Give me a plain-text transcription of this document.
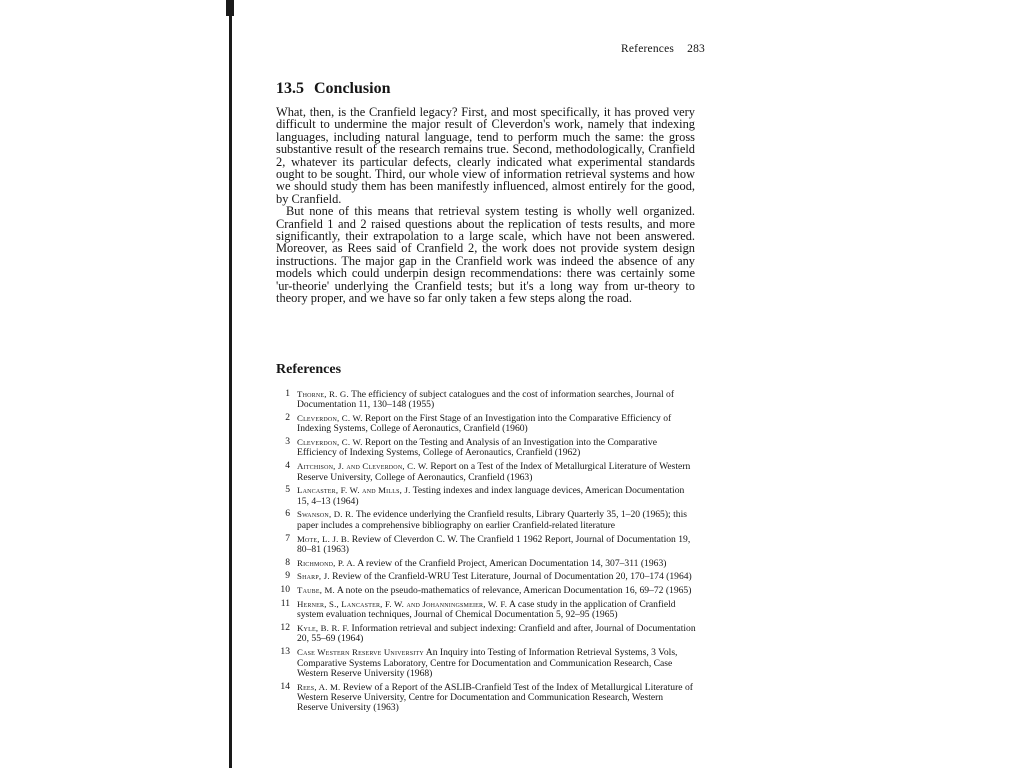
References 283
13.5 Conclusion

What, then, is the Cranfield legacy? First, and most specifically, it has proved very difficult to undermine the major result of Cleverdon's work, namely that indexing languages, including natural language, tend to perform much the same: the gross substantive result of the research remains true. Second, methodologically, Cranfield 2, whatever its particular defects, clearly indicated what experimental standards ought to be sought. Third, our whole view of information retrieval systems and how we should study them has been manifestly influenced, almost entirely for the good, by Cranfield.

But none of this means that retrieval system testing is wholly well organized. Cranfield 1 and 2 raised questions about the replication of tests results, and more significantly, their extrapolation to a large scale, which have not been answered. Moreover, as Rees said of Cranfield 2, the work does not provide system design instructions. The major gap in the Cranfield work was indeed the absence of any models which could underpin design recommendations: there was certainly some 'ur-theorie' underlying the Cranfield tests; but it's a long way from ur-theory to theory proper, and we have so far only taken a few steps along the road.

References
1 Thorne, R. G. The efficiency of subject catalogues and the cost of information searches, Journal of Documentation 11, 130–148 (1955)
2 Cleverdon, C. W. Report on the First Stage of an Investigation into the Comparative Efficiency of Indexing Systems, College of Aeronautics, Cranfield (1960)
3 Cleverdon, C. W. Report on the Testing and Analysis of an Investigation into the Comparative Efficiency of Indexing Systems, College of Aeronautics, Cranfield (1962)
4 Aitchison, J. and Cleverdon, C. W. Report on a Test of the Index of Metallurgical Literature of Western Reserve University, College of Aeronautics, Cranfield (1963)
5 Lancaster, F. W. and Mills, J. Testing indexes and index language devices, American Documentation 15, 4–13 (1964)
6 Swanson, D. R. The evidence underlying the Cranfield results, Library Quarterly 35, 1–20 (1965); this paper includes a comprehensive bibliography on earlier Cranfield-related literature
7 Mote, L. J. B. Review of Cleverdon C. W. The Cranfield 1 1962 Report, Journal of Documentation 19, 80–81 (1963)
8 Richmond, P. A. A review of the Cranfield Project, American Documentation 14, 307–311 (1963)
9 Sharp, J. Review of the Cranfield-WRU Test Literature, Journal of Documentation 20, 170–174 (1964)
10 Taube, M. A note on the pseudo-mathematics of relevance, American Documentation 16, 69–72 (1965)
11 Herner, S., Lancaster, F. W. and Johanningsmeier, W. F. A case study in the application of Cranfield system evaluation techniques, Journal of Chemical Documentation 5, 92–95 (1965)
12 Kyle, B. R. F. Information retrieval and subject indexing: Cranfield and after, Journal of Documentation 20, 55–69 (1964)
13 Case Western Reserve University An Inquiry into Testing of Information Retrieval Systems, 3 Vols, Comparative Systems Laboratory, Centre for Documentation and Communication Research, Case Western Reserve University (1968)
14 Rees, A. M. Review of a Report of the ASLIB-Cranfield Test of the Index of Metallurgical Literature of Western Reserve University, Centre for Documentation and Communication Research, Western Reserve University (1963)
